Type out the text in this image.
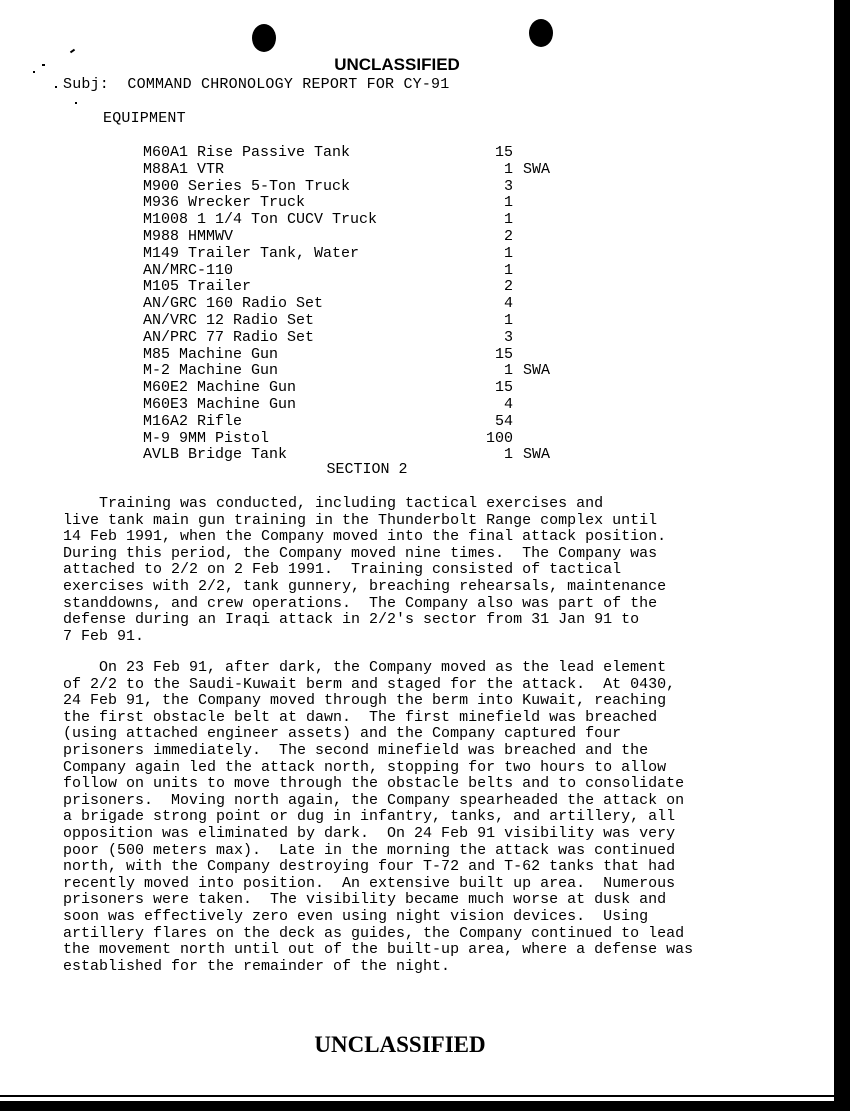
UNCLASSIFIED
Subj:  COMMAND CHRONOLOGY REPORT FOR CY-91
EQUIPMENT
M60A1 Rise Passive Tank	15
M88A1 VTR	1 SWA
M900 Series 5-Ton Truck	3
M936 Wrecker Truck	1
M1008 1 1/4 Ton CUCV Truck	1
M988 HMMWV	2
M149 Trailer Tank, Water	1
AN/MRC-110	1
M105 Trailer	2
AN/GRC 160 Radio Set	4
AN/VRC 12 Radio Set	1
AN/PRC 77 Radio Set	3
M85 Machine Gun	15
M-2 Machine Gun	1 SWA
M60E2 Machine Gun	15
M60E3 Machine Gun	4
M16A2 Rifle	54
M-9 9MM Pistol	100
AVLB Bridge Tank	1 SWA
SECTION 2
Training was conducted, including tactical exercises and
live tank main gun training in the Thunderbolt Range complex until
14 Feb 1991, when the Company moved into the final attack position.
During this period, the Company moved nine times.  The Company was
attached to 2/2 on 2 Feb 1991.  Training consisted of tactical
exercises with 2/2, tank gunnery, breaching rehearsals, maintenance
standdowns, and crew operations.  The Company also was part of the
defense during an Iraqi attack in 2/2's sector from 31 Jan 91 to
7 Feb 91.
On 23 Feb 91, after dark, the Company moved as the lead element
of 2/2 to the Saudi-Kuwait berm and staged for the attack.  At 0430,
24 Feb 91, the Company moved through the berm into Kuwait, reaching
the first obstacle belt at dawn.  The first minefield was breached
(using attached engineer assets) and the Company captured four
prisoners immediately.  The second minefield was breached and the
Company again led the attack north, stopping for two hours to allow
follow on units to move through the obstacle belts and to consolidate
prisoners.  Moving north again, the Company spearheaded the attack on
a brigade strong point or dug in infantry, tanks, and artillery, all
opposition was eliminated by dark.  On 24 Feb 91 visibility was very
poor (500 meters max).  Late in the morning the attack was continued
north, with the Company destroying four T-72 and T-62 tanks that had
recently moved into position.  An extensive built up area.  Numerous
prisoners were taken.  The visibility became much worse at dusk and
soon was effectively zero even using night vision devices.  Using
artillery flares on the deck as guides, the Company continued to lead
the movement north until out of the built-up area, where a defense was
established for the remainder of the night.
UNCLASSIFIED
